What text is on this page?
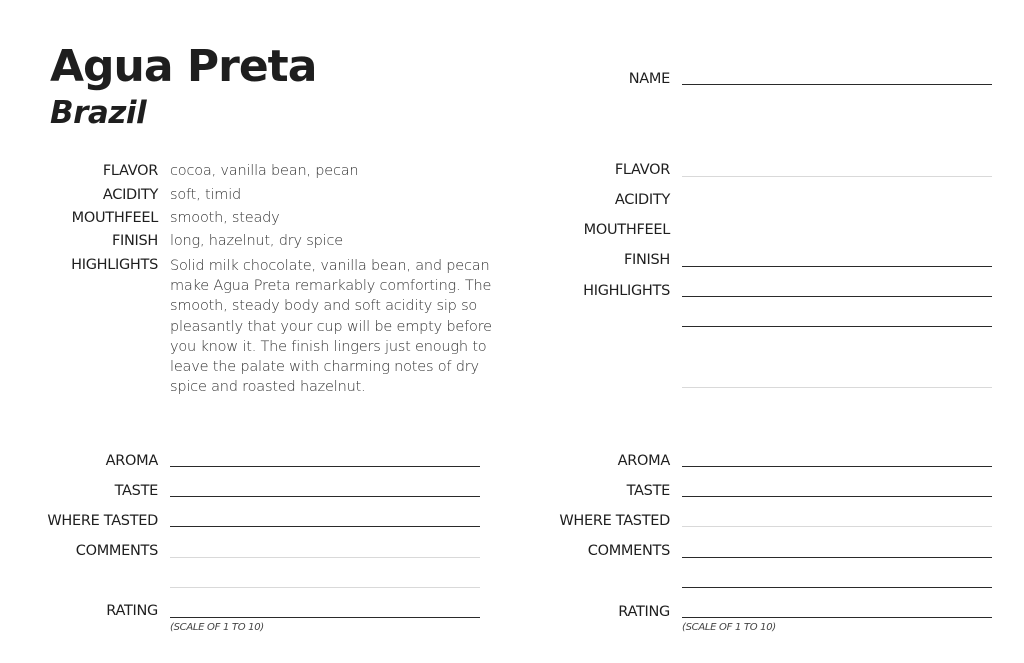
Agua Preta
Brazil
FLAVOR cocoa, vanilla bean, pecan
ACIDITY soft, timid
MOUTHFEEL smooth, steady
FINISH long, hazelnut, dry spice
HIGHLIGHTS Solid milk chocolate, vanilla bean, and pecan
make Agua Preta remarkably comforting. The
smooth, steady body and soft acidity sip so
pleasantly that your cup will be empty before
you know it. The finish lingers just enough to
leave the palate with charming notes of dry
spice and roasted hazelnut.
AROMA
TASTE
WHERE TASTED
COMMENTS
RATING
(SCALE OF 1 TO 10)
NAME
FLAVOR
ACIDITY
MOUTHFEEL
FINISH
HIGHLIGHTS
AROMA
TASTE
WHERE TASTED
COMMENTS
RATING
(SCALE OF 1 TO 10)
